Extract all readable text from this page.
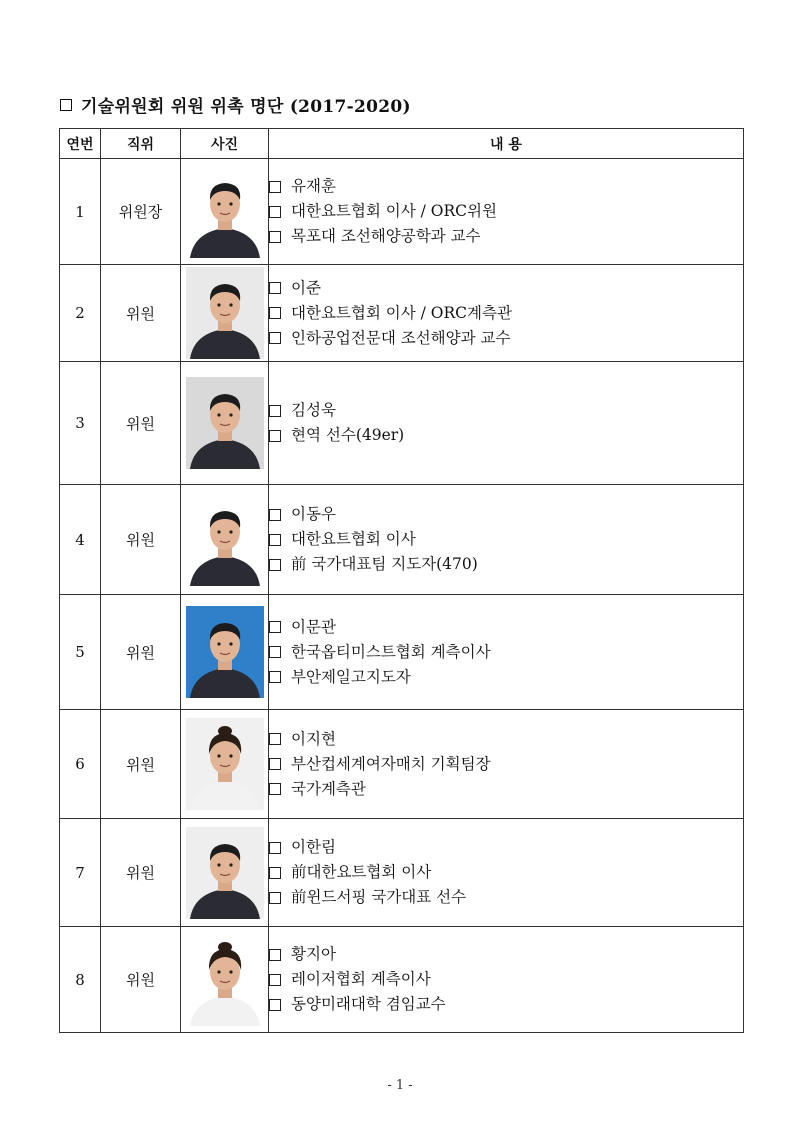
기술위원회 위원 위촉 명단 (2017-2020)
연번	직위	사진	내 용
1	위원장		유재훈
대한요트협회 이사 / ORC위원
목포대 조선해양공학과 교수

2	위원		이준
대한요트협회 이사 / ORC계측관
인하공업전문대 조선해양과 교수

3	위원		김성욱
현역 선수(49er)

4	위원		이동우
대한요트협회 이사
前 국가대표팀 지도자(470)

5	위원		이문관
한국옵티미스트협회 계측이사
부안제일고지도자

6	위원		이지현
부산컵세계여자매치 기획팀장
국가계측관

7	위원		이한림
前대한요트협회 이사
前윈드서핑 국가대표 선수

8	위원		황지아
레이저협회 계측이사
동양미래대학 겸임교수
- 1 -
